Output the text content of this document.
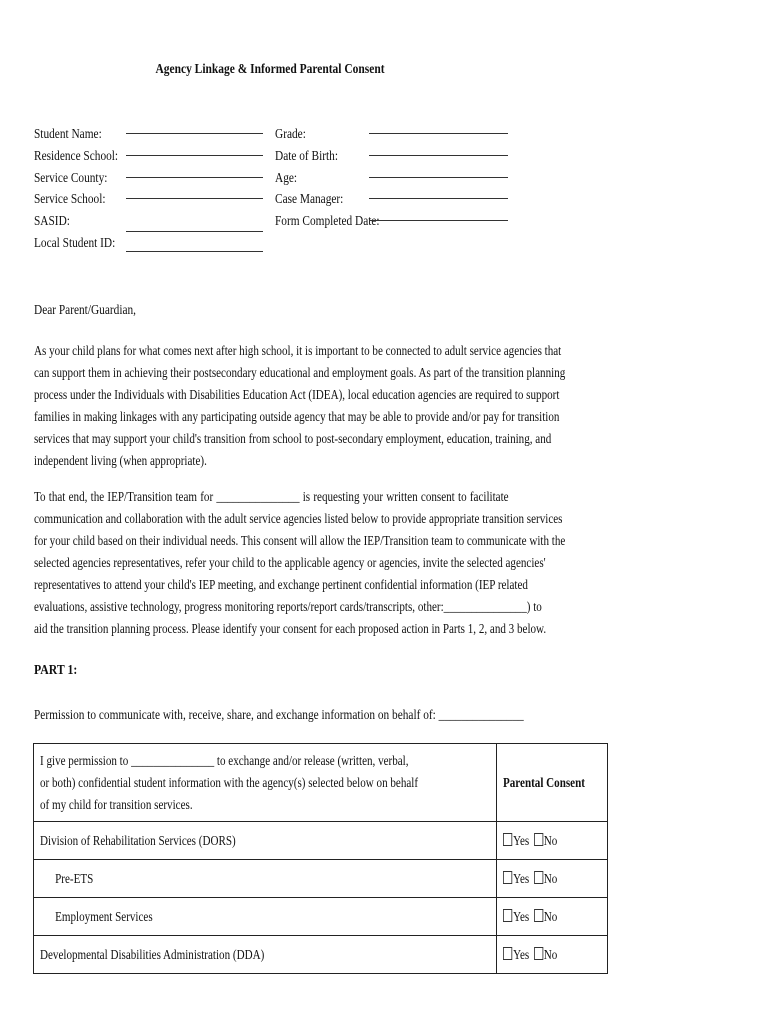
Agency Linkage & Informed Parental Consent
Student Name:
Residence School:
Service County:
Service School:
SASID:
Local Student ID:
Grade:
Date of Birth:
Age:
Case Manager:
Form Completed Date:
Dear Parent/Guardian,
As your child plans for what comes next after high school, it is important to be connected to adult service agencies that
can support them in achieving their postsecondary educational and employment goals. As part of the transition planning
process under the Individuals with Disabilities Education Act (IDEA), local education agencies are required to support
families in making linkages with any participating outside agency that may be able to provide and/or pay for transition
services that may support your child's transition from school to post-secondary employment, education, training, and
independent living (when appropriate).
To that end, the IEP/Transition team for _______________ is requesting your written consent to facilitate
communication and collaboration with the adult service agencies listed below to provide appropriate transition services
for your child based on their individual needs. This consent will allow the IEP/Transition team to communicate with the
selected agencies representatives, refer your child to the applicable agency or agencies, invite the selected agencies'
representatives to attend your child's IEP meeting, and exchange pertinent confidential information (IEP related
evaluations, assistive technology, progress monitoring reports/report cards/transcripts, other:_______________) to
aid the transition planning process. Please identify your consent for each proposed action in Parts 1, 2, and 3 below.
PART 1:
Permission to communicate with, receive, share, and exchange information on behalf of: _______________
I give permission to _______________ to exchange and/or release (written, verbal,
or both) confidential student information with the agency(s) selected below on behalf
of my child for transition services.	Parental Consent

Division of Rehabilitation Services (DORS)	Yes No

Pre-ETS	Yes No

Employment Services	Yes No

Developmental Disabilities Administration (DDA)	Yes No
